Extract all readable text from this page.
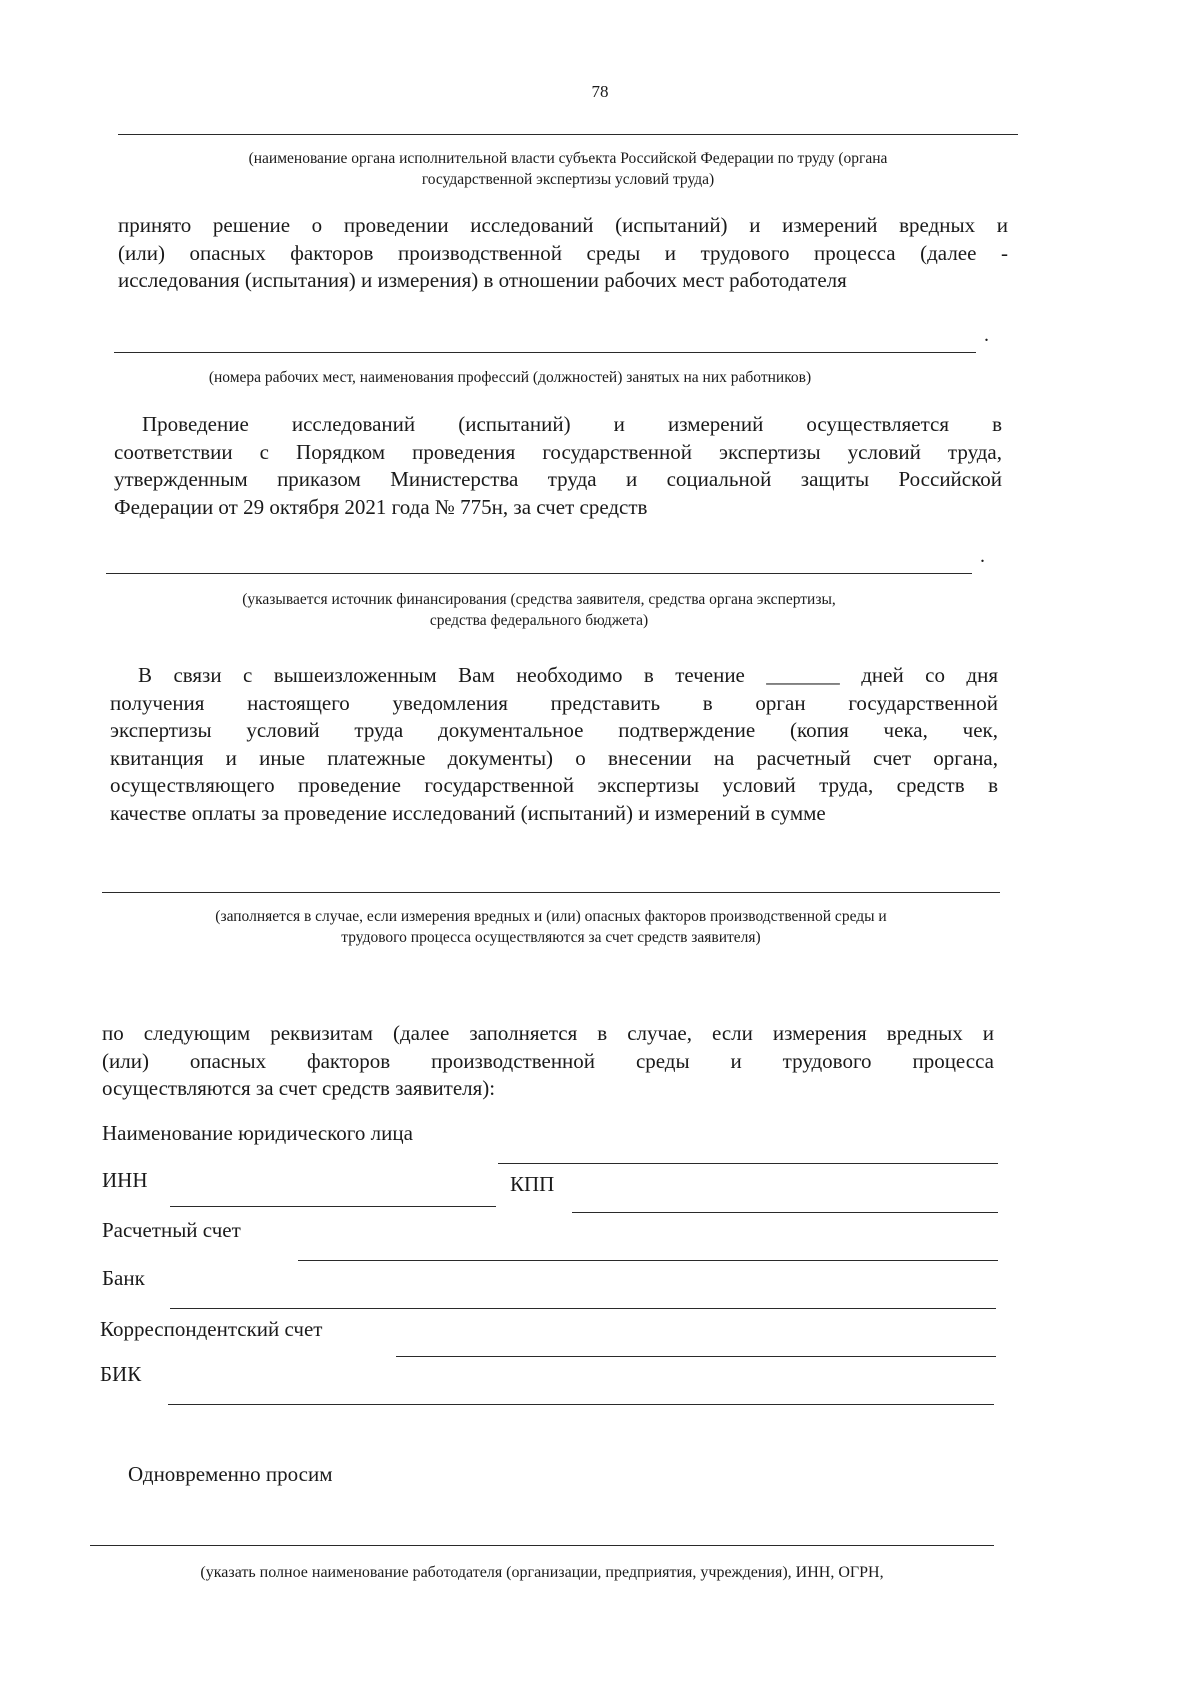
78
(наименование органа исполнительной власти субъекта Российской Федерации по труду (органа
государственной экспертизы условий труда)
принято решение о проведении исследований (испытаний) и измерений вредных и
(или) опасных факторов производственной среды и трудового процесса (далее -
исследования (испытания) и измерения) в отношении рабочих мест работодателя
.
(номера рабочих мест, наименования профессий (должностей) занятых на них работников)
Проведение исследований (испытаний) и измерений осуществляется в
соответствии с Порядком проведения государственной экспертизы условий труда,
утвержденным приказом Министерства труда и социальной защиты Российской
Федерации от 29 октября 2021 года № 775н, за счет средств
.
(указывается источник финансирования (средства заявителя, средства органа экспертизы,
средства федерального бюджета)
В связи с вышеизложенным Вам необходимо в течение _______ дней со дня
получения настоящего уведомления представить в орган государственной
экспертизы условий труда документальное подтверждение (копия чека, чек,
квитанция и иные платежные документы) о внесении на расчетный счет органа,
осуществляющего проведение государственной экспертизы условий труда, средств в
качестве оплаты за проведение исследований (испытаний) и измерений в сумме
(заполняется в случае, если измерения вредных и (или) опасных факторов производственной среды и
трудового процесса осуществляются за счет средств заявителя)
по следующим реквизитам (далее заполняется в случае, если измерения вредных и
(или) опасных факторов производственной среды и трудового процесса
осуществляются за счет средств заявителя):
Наименование юридического лица
ИНН	КПП
Расчетный счет
Банк
Корреспондентский счет
БИК
Одновременно просим
(указать полное наименование работодателя (организации, предприятия, учреждения), ИНН, ОГРН,
